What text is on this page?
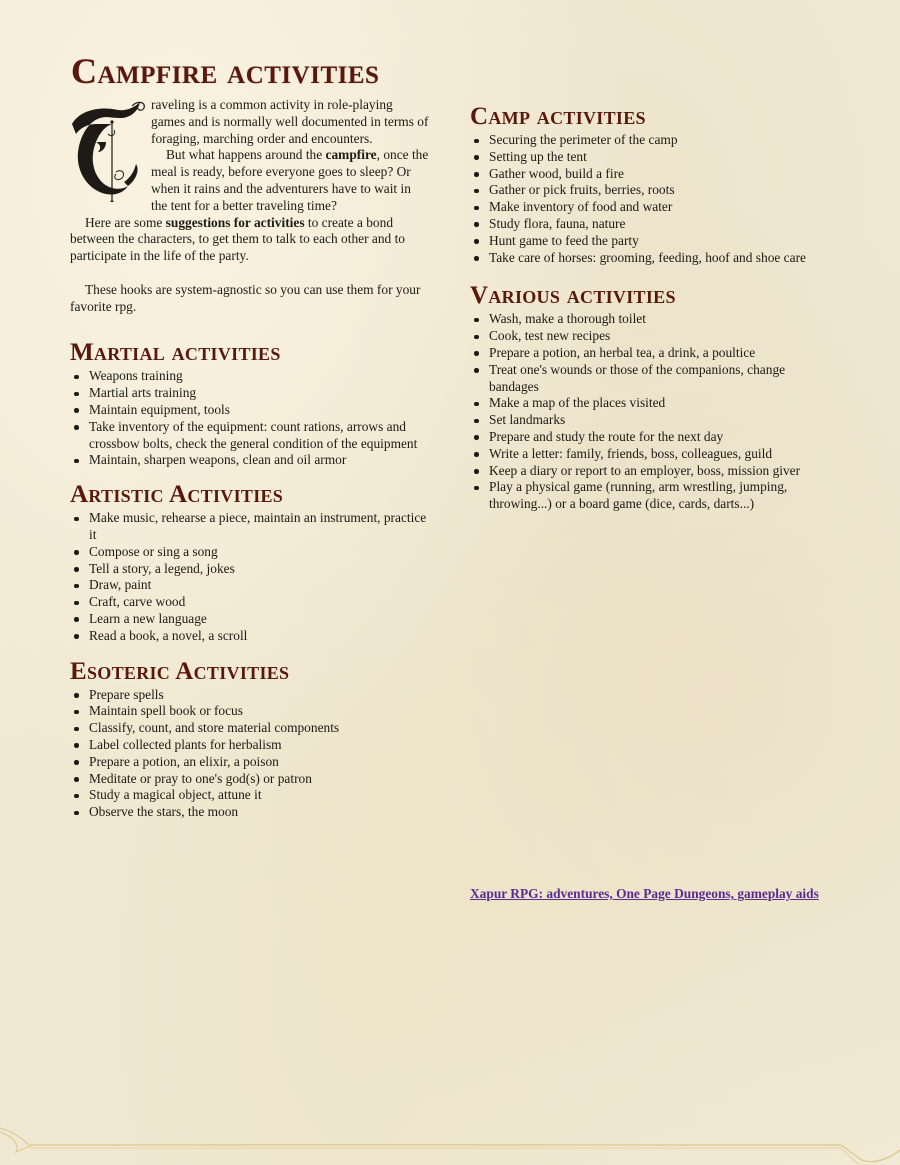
Campfire activities

raveling is a common activity in role-playing games and is normally well documented in terms of foraging, marching order and encounters.

But what happens around the campfire, once the meal is ready, before everyone goes to sleep? Or when it rains and the adventurers have to wait in the tent for a better traveling time?

Here are some suggestions for activities to create a bond between the characters, to get them to talk to each other and to participate in the life of the party.

These hooks are system-agnostic so you can use them for your favorite rpg.

Martial activities
Weapons training
Martial arts training
Maintain equipment, tools
Take inventory of the equipment: count rations, arrows and crossbow bolts, check the general condition of the equipment
Maintain, sharpen weapons, clean and oil armor
Artistic Activities
Make music, rehearse a piece, maintain an instrument, practice it
Compose or sing a song
Tell a story, a legend, jokes
Draw, paint
Craft, carve wood
Learn a new language
Read a book, a novel, a scroll
Esoteric Activities
Prepare spells
Maintain spell book or focus
Classify, count, and store material components
Label collected plants for herbalism
Prepare a potion, an elixir, a poison
Meditate or pray to one's god(s) or patron
Study a magical object, attune it
Observe the stars, the moon
Camp activities
Securing the perimeter of the camp
Setting up the tent
Gather wood, build a fire
Gather or pick fruits, berries, roots
Make inventory of food and water
Study flora, fauna, nature
Hunt game to feed the party
Take care of horses: grooming, feeding, hoof and shoe care
Various activities
Wash, make a thorough toilet
Cook, test new recipes
Prepare a potion, an herbal tea, a drink, a poultice
Treat one's wounds or those of the companions, change bandages
Make a map of the places visited
Set landmarks
Prepare and study the route for the next day
Write a letter: family, friends, boss, colleagues, guild
Keep a diary or report to an employer, boss, mission giver
Play a physical game (running, arm wrestling, jumping, throwing...) or a board game (dice, cards, darts...)
Xapur RPG: adventures, One Page Dungeons, gameplay aids
